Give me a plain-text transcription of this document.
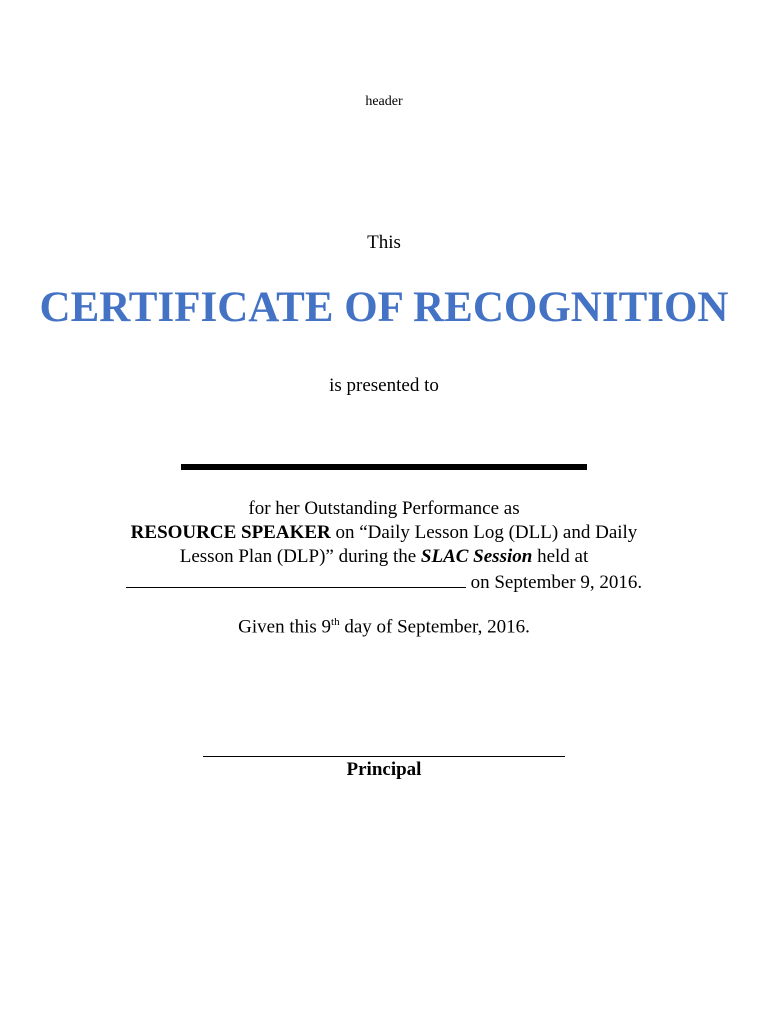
header
This
CERTIFICATE OF RECOGNITION
is presented to
for her Outstanding Performance as
RESOURCE SPEAKER on “Daily Lesson Log (DLL) and Daily
Lesson Plan (DLP)” during the SLAC Session held at
on September 9, 2016.
Given this 9th day of September, 2016.
Principal
